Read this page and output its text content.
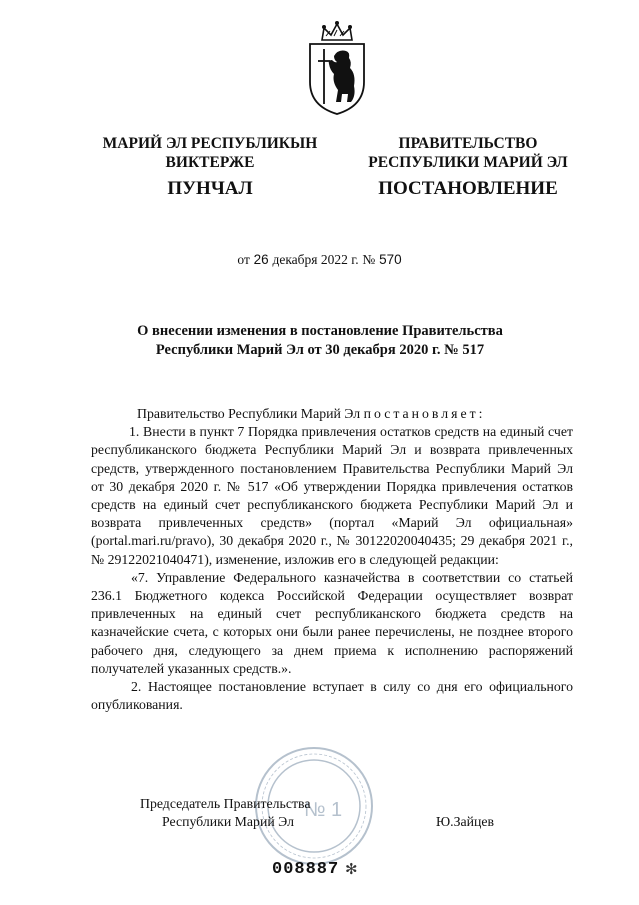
МАРИЙ ЭЛ РЕСПУБЛИКЫН
ВИКТЕРЖЕ
ПУНЧАЛ
ПРАВИТЕЛЬСТВО
РЕСПУБЛИКИ МАРИЙ ЭЛ
ПОСТАНОВЛЕНИЕ
от 26 декабря 2022 г. № 570
О внесении изменения в постановление Правительства
Республики Марий Эл от 30 декабря 2020 г. № 517

Правительство Республики Марий Эл постановляет:

1. Внести в пункт 7 Порядка привлечения остатков средств на единый счет республиканского бюджета Республики Марий Эл и возврата привлеченных средств, утвержденного постановлением Правительства Республики Марий Эл от 30 декабря 2020 г. № 517 «Об утверждении Порядка привлечения остатков средств на единый счет республиканского бюджета Республики Марий Эл и возврата привлеченных средств» (портал «Марий Эл официальная» (portal.mari.ru/pravo), 30 декабря 2020 г., № 30122020040435; 29 декабря 2021 г., № 29122021040471), изменение, изложив его в следующей редакции:

«7. Управление Федерального казначейства в соответствии со статьей 236.1 Бюджетного кодекса Российской Федерации осуществляет возврат привлеченных на единый счет республиканского бюджета средств на казначейские счета, с которых они были ранее перечислены, не позднее второго рабочего дня, следующего за днем приема к исполнению распоряжений получателей указанных средств.».

2. Настоящее постановление вступает в силу со дня его официального опубликования.

№ 1
Председатель Правительства
Республики Марий Эл	Ю.Зайцев
008887 ✻
